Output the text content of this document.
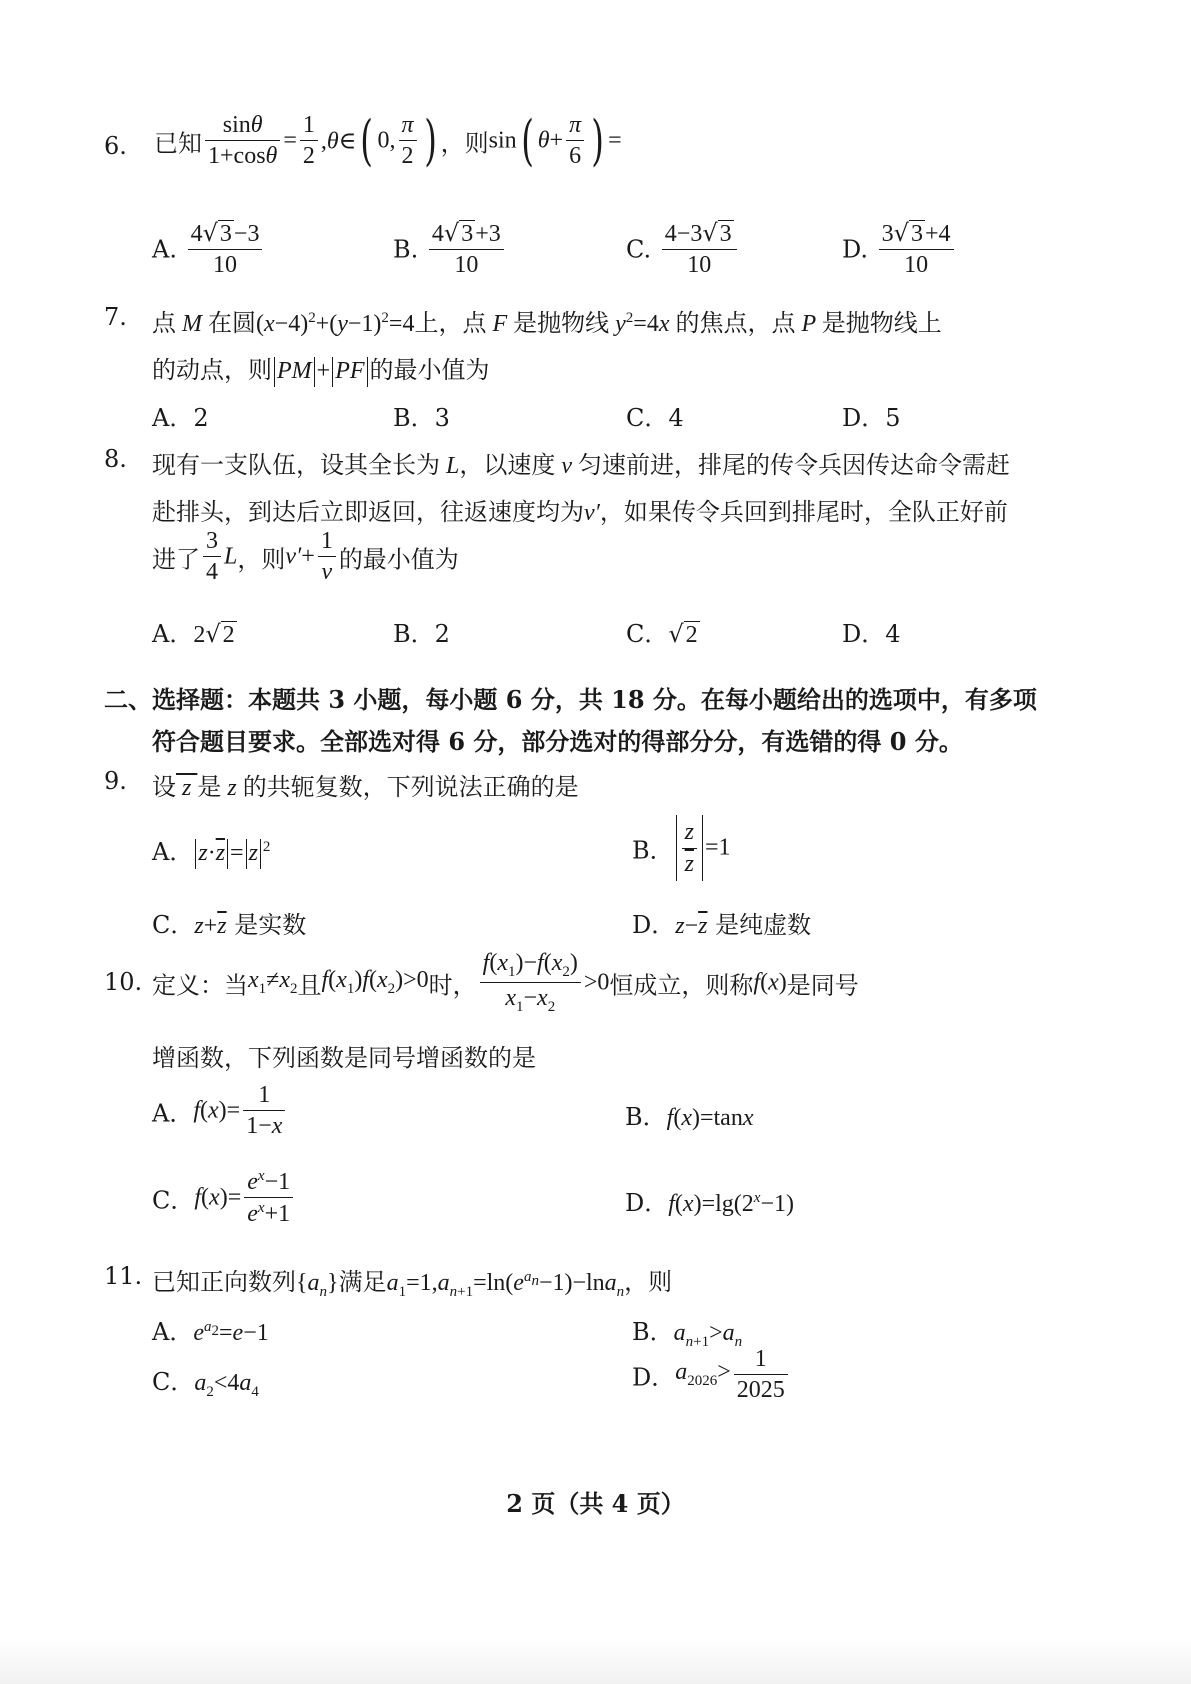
6. 已知 $\frac{\sin\theta}{1+\cos\theta} = \frac{1}{2}$ ,θ∈( 0, $\frac{\pi}{2}$ ) ，则sin( $\theta+ \frac{\pi}{6}$ ) =
A. $\frac{4√3-3}{10}$	B. $\frac{4√3+3}{10}$	C. $\frac{4-3√3}{10}$	D. $\frac{3√3+4}{10}$
7. 点 M 在圆$(x-4)^2+(y-1)^2=4$上，点 F 是抛物线 $y^2=4x$ 的焦点，点 P 是抛物线上
的动点，则 PM + PF 的最小值为
A．2	B．3	C．4	D．5
8. 现有一支队伍，设其全长为 L，以速度 v 匀速前进，排尾的传令兵因传达命令需赶
赴排头，到达后立即返回，往返速度均为v′，如果传令兵回到排尾时，全队正好前
进了 $\frac{3}{4}$ L，则$v'+ \frac{1}{v}$ 的最小值为
A．2√2	B．2	C．√2	D．4
二、选择题：本题共 3 小题，每小题 6 分，共 18 分。在每小题给出的选项中，有多项
符合题目要求。全部选对得 6 分，部分选对的得部分分，有选错的得 0 分。
9. 设 z 是 z 的共轭复数，下列说法正确的是
A． $z\cdot\overline{z} = z$ $^2$	B． $\frac{z}{z} =1$
C．$z+\overline{z}$ 是实数	D．$z-\overline{z}$ 是纯虚数
10. 定义：当$x_1\ne x_2$且$f(x_1)f(x_2)>0$时， $\frac{f(x_1)-f(x_2)}{x_1-x_2} >0$恒成立，则称f(x)是同号
增函数，下列函数是同号增函数的是
A．$f(x)= \frac{1}{1-x}$	B．f(x)=tanx
C．$f(x)= \frac{e^x-1}{e^x+1}$	D．$f(x)=\lg(2^x-1)$
11. 已知正向数列$\{a_n\}$满足$a_1=1,a_{n+1}=\ln(e^{a_n}-1)-\ln a_n$，则
A．$e^{a_2}=e-1$	B．$a_{n+1}>a_n$
C．$a_2<4a_4$
D．$a_{2026}> \frac{1}{2025}$
2 页（共 4 页）
